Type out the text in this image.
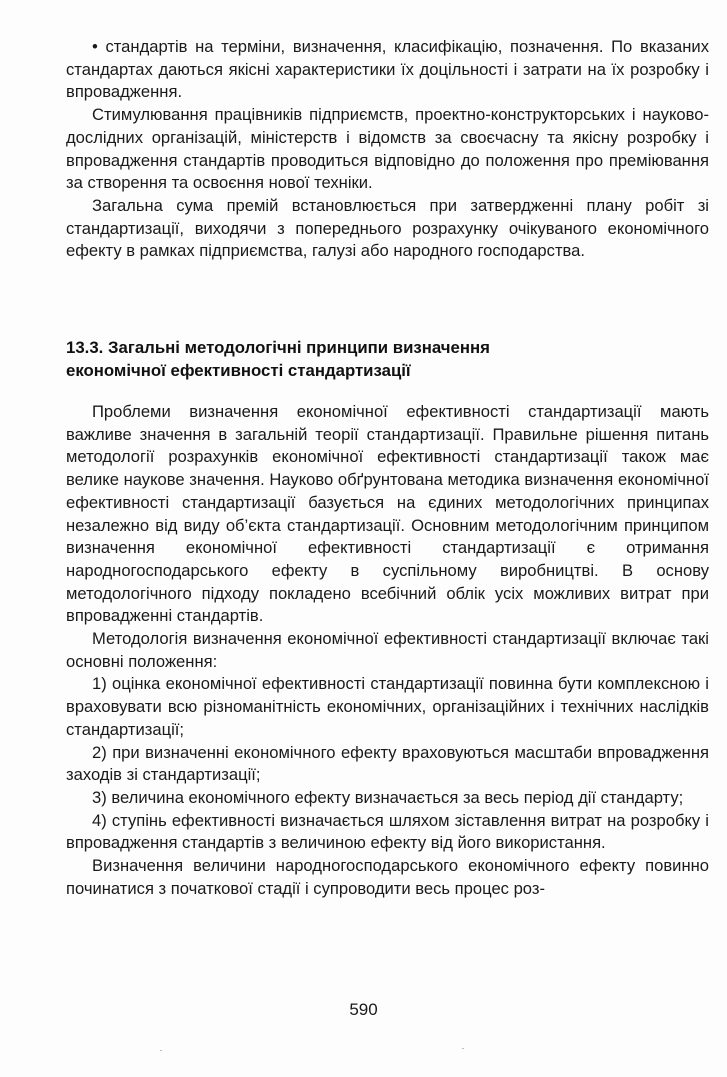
• стандартів на терміни, визначення, класифікацію, позначення. По вказаних стандартах даються якісні характеристики їх доцільності і затрати на їх розробку і впровадження.

Стимулювання працівників підприємств, проектно-конструкторських і науково-дослідних організацій, міністерств і відомств за своєчасну та якісну розробку і впровадження стандартів проводиться відповідно до положення про преміювання за створення та освоєння нової техніки.

Загальна сума премій встановлюється при затвердженні плану робіт зі стандартизації, виходячи з попереднього розрахунку очікуваного економічного ефекту в рамках підприємства, галузі або народного господарства.

13.3. Загальні методологічні принципи визначення
економічної ефективності стандартизації

Проблеми визначення економічної ефективності стандартизації мають важливе значення в загальній теорії стандартизації. Правильне рішення питань методології розрахунків економічної ефективності стандартизації також має велике наукове значення. Науково обґрунтована методика визначення економічної ефективності стандартизації базується на єдиних методологічних принципах незалежно від виду об’єкта стандартизації. Основним методологічним принципом визначення економічної ефективності стандартизації є отримання народногосподарського ефекту в суспільному виробництві. В основу методологічного підходу покладено всебічний облік усіх можливих витрат при впровадженні стандартів.

Методологія визначення економічної ефективності стандартизації включає такі основні положення:

1) оцінка економічної ефективності стандартизації повинна бути комплексною і враховувати всю різноманітність економічних, організаційних і технічних наслідків стандартизації;

2) при визначенні економічного ефекту враховуються масштаби впровадження заходів зі стандартизації;

3) величина економічного ефекту визначається за весь період дії стандарту;

4) ступінь ефективності визначається шляхом зіставлення витрат на розробку і впровадження стандартів з величиною ефекту від його використання.

Визначення величини народногосподарського економічного ефекту повинно починатися з початкової стадії і супроводити весь процес роз-

590
